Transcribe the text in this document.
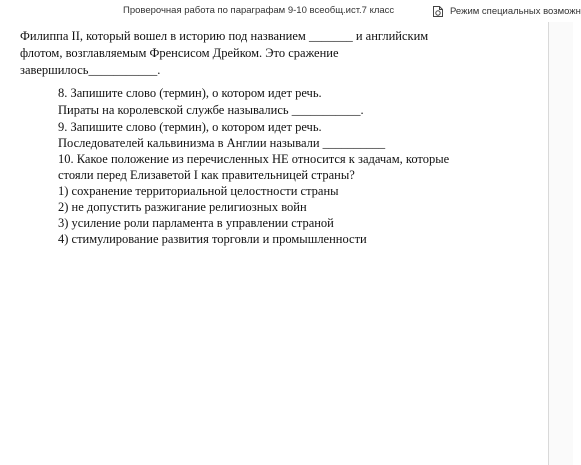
Филиппа II, который вошел в историю под названием _______ и английским
флотом, возглавляемым Френсисом Дрейком. Это сражение
завершилось___________.
8. Запишите слово (термин), о котором идет речь.
Пираты на королевской службе назывались ___________.
9. Запишите слово (термин), о котором идет речь.
Последователей кальвинизма в Англии называли __________
10. Какое положение из перечисленных НЕ относится к задачам, которые
стояли перед Елизаветой I как правительницей страны?
1) сохранение территориальной целостности страны
2) не допустить разжигание религиозных войн
3) усиление роли парламента в управлении страной
4) стимулирование развития торговли и промышленности
Проверочная работа по параграфам 9-10 всеобщ.ист.7 класс	Режим специальных возможн
